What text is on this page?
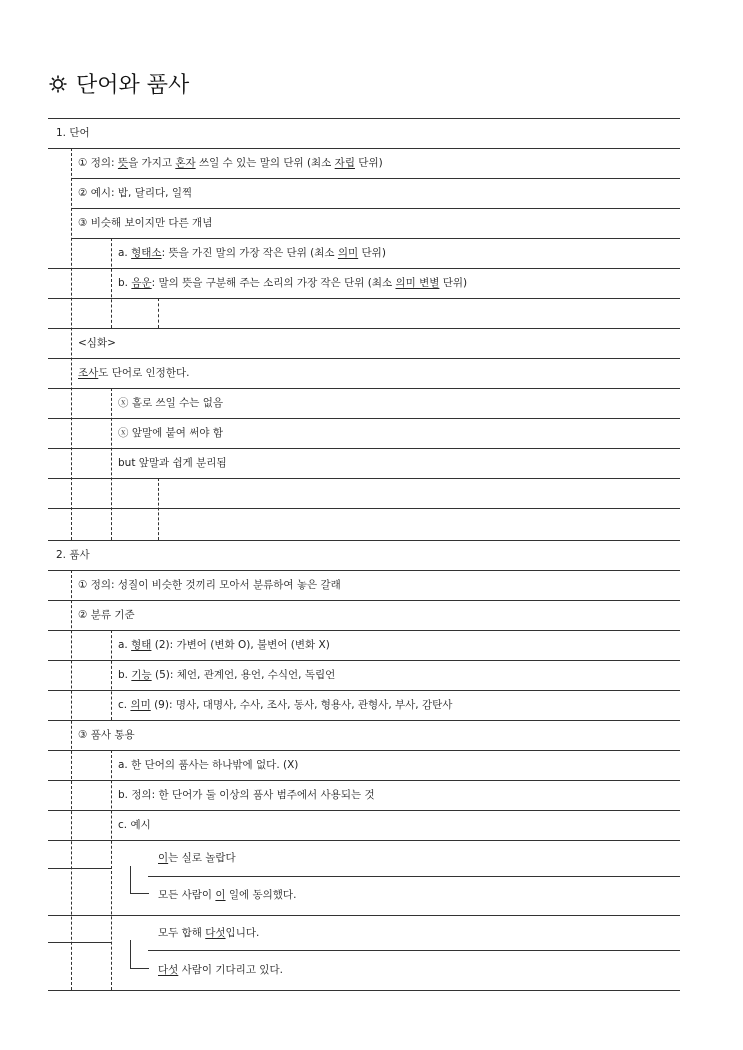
단어와 품사
1. 단어
① 정의: 뜻을 가지고 혼자 쓰일 수 있는 말의 단위 (최소 자립 단위)
② 예시: 밥, 달리다, 일찍
③ 비슷해 보이지만 다른 개념
a. 형태소: 뜻을 가진 말의 가장 작은 단위 (최소 의미 단위)
b. 음운: 말의 뜻을 구분해 주는 소리의 가장 작은 단위 (최소 의미 변별 단위)
<심화>
조사도 단어로 인정한다.
ⓧ 홀로 쓰일 수는 없음
ⓧ 앞말에 붙여 써야 함
but 앞말과 쉽게 분리됨
2. 품사
① 정의: 성질이 비슷한 것끼리 모아서 분류하여 놓은 갈래
② 분류 기준
a. 형태 (2): 가변어 (변화 O), 불변어 (변화 X)
b. 기능 (5): 체언, 관계언, 용언, 수식언, 독립언
c. 의미 (9): 명사, 대명사, 수사, 조사, 동사, 형용사, 관형사, 부사, 감탄사
③ 품사 통용
a. 한 단어의 품사는 하나밖에 없다. (X)
b. 정의: 한 단어가 둘 이상의 품사 범주에서 사용되는 것
c. 예시
이는 실로 놀랍다
모든 사람이 이 일에 동의했다.
모두 합해 다섯입니다.
다섯 사람이 기다리고 있다.
